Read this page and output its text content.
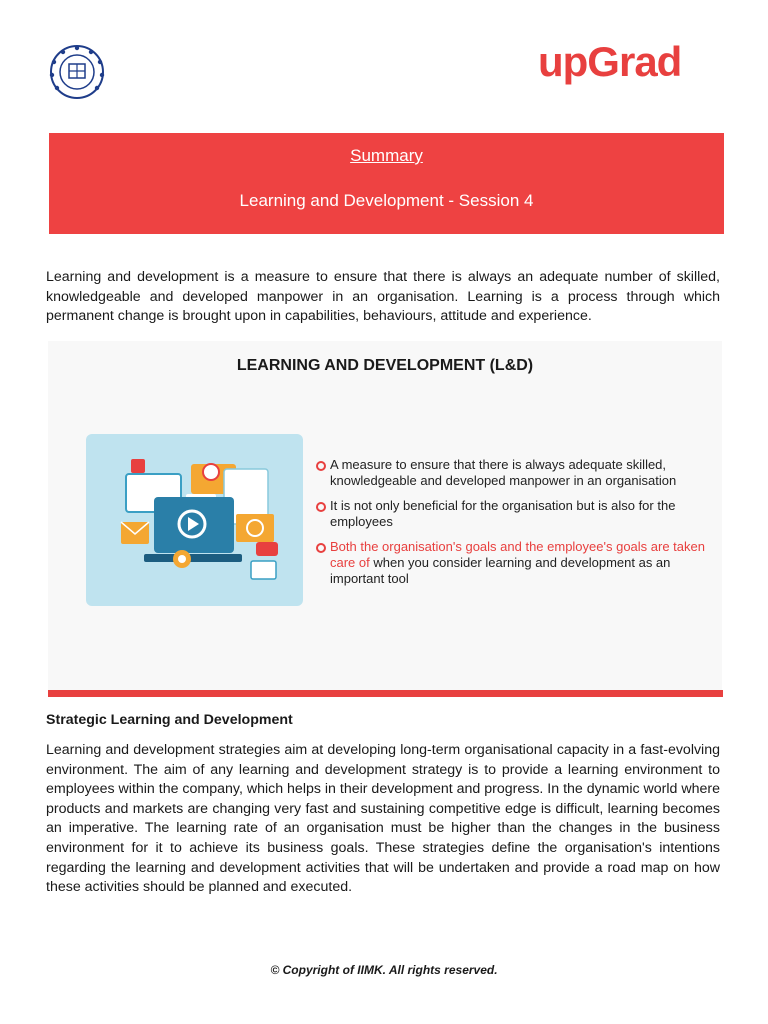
upGrad
Summary
Learning and Development - Session 4

Learning and development is a measure to ensure that there is always an adequate number of skilled, knowledgeable and developed manpower in an organisation. Learning is a process through which permanent change is brought upon in capabilities, behaviours, attitude and experience.

LEARNING AND DEVELOPMENT (L&D)
A measure to ensure that there is always adequate skilled, knowledgeable and developed manpower in an organisation
It is not only beneficial for the organisation but is also for the employees
Both the organisation's goals and the employee's goals are taken care of when you consider learning and development as an important tool
Strategic Learning and Development

Learning and development strategies aim at developing long-term organisational capacity in a fast-evolving environment. The aim of any learning and development strategy is to provide a learning environment to employees within the company, which helps in their development and progress. In the dynamic world where products and markets are changing very fast and sustaining competitive edge is difficult, learning becomes an imperative. The learning rate of an organisation must be higher than the changes in the business environment for it to achieve its business goals. These strategies define the organisation's intentions regarding the learning and development activities that will be undertaken and provide a road map on how these activities should be planned and executed.

© Copyright of IIMK. All rights reserved.
